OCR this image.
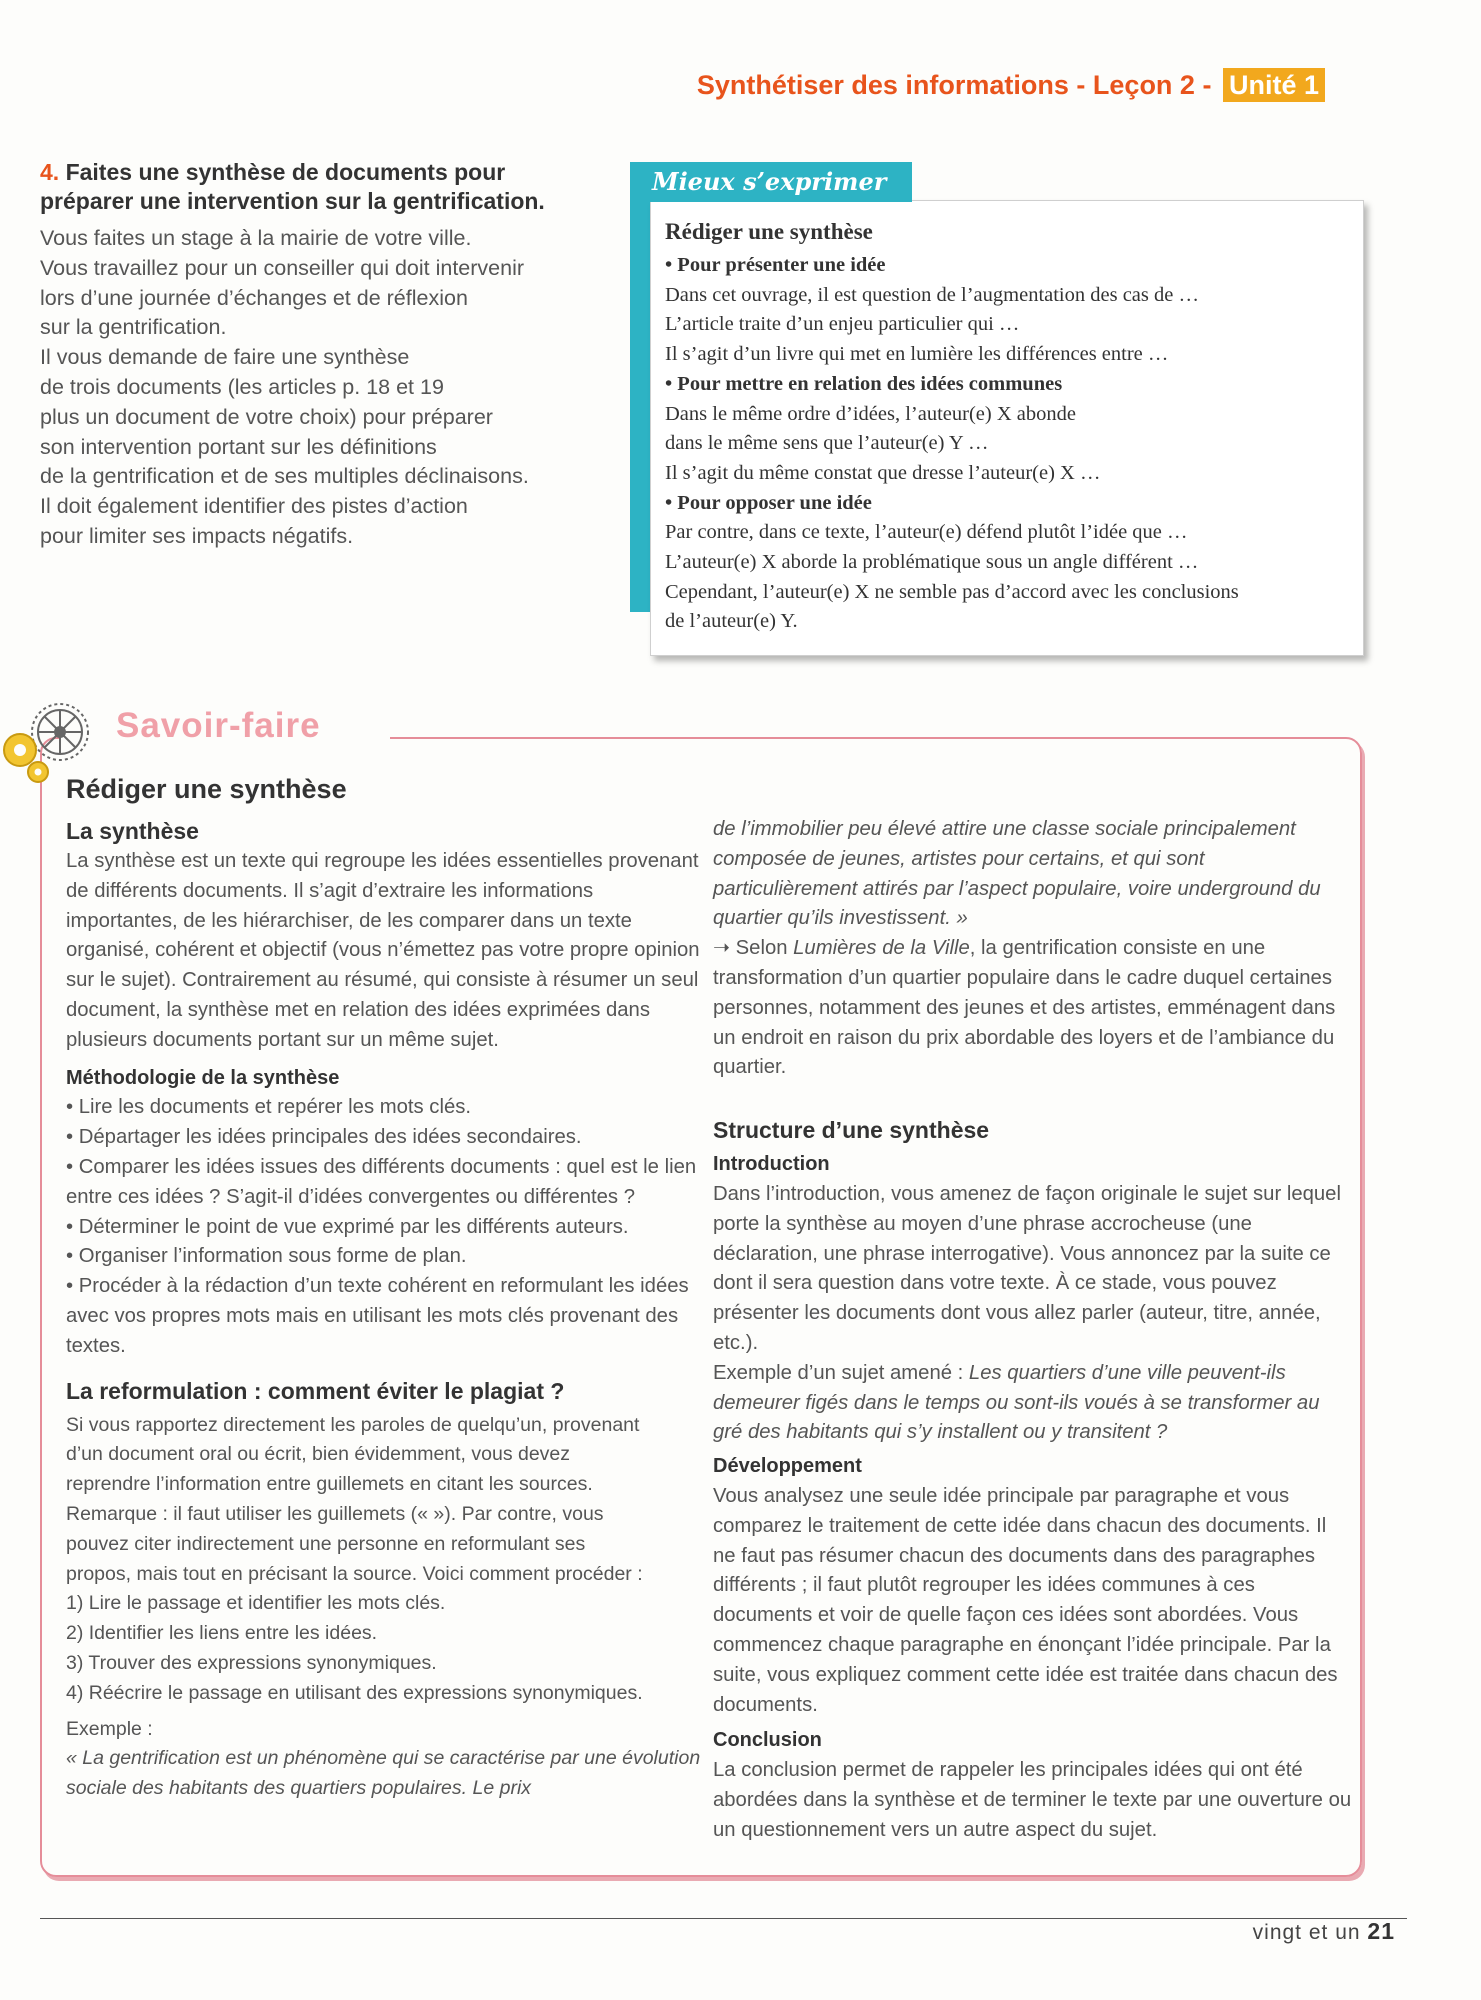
Synthétiser des informations - Leçon 2 - Unité 1
4. Faites une synthèse de documents pour
préparer une intervention sur la gentrification.

Vous faites un stage à la mairie de votre ville.
Vous travaillez pour un conseiller qui doit intervenir
lors d’une journée d’échanges et de réflexion
sur la gentrification.
Il vous demande de faire une synthèse
de trois documents (les articles p. 18 et 19
plus un document de votre choix) pour préparer
son intervention portant sur les définitions
de la gentrification et de ses multiples déclinaisons.
Il doit également identifier des pistes d’action
pour limiter ses impacts négatifs.

Rédiger une synthèse
• Pour présenter une idée
Dans cet ouvrage, il est question de l’augmentation des cas de …
L’article traite d’un enjeu particulier qui …
Il s’agit d’un livre qui met en lumière les différences entre …
• Pour mettre en relation des idées communes
Dans le même ordre d’idées, l’auteur(e) X abonde
dans le même sens que l’auteur(e) Y …
Il s’agit du même constat que dresse l’auteur(e) X …
• Pour opposer une idée
Par contre, dans ce texte, l’auteur(e) défend plutôt l’idée que …
L’auteur(e) X aborde la problématique sous un angle différent …
Cependant, l’auteur(e) X ne semble pas d’accord avec les conclusions
de l’auteur(e) Y.
Mieux s’exprimer
Savoir-faire
Rédiger une synthèse
La synthèse

La synthèse est un texte qui regroupe les idées essentielles provenant de différents documents. Il s’agit d’extraire les informations importantes, de les hiérarchiser, de les comparer dans un texte organisé, cohérent et objectif (vous n’émettez pas votre propre opinion sur le sujet). Contrairement au résumé, qui consiste à résumer un seul document, la synthèse met en relation des idées exprimées dans plusieurs documents portant sur un même sujet.

Méthodologie de la synthèse

• Lire les documents et repérer les mots clés.

• Départager les idées principales des idées secondaires.

• Comparer les idées issues des différents documents : quel est le lien entre ces idées ? S’agit-il d’idées convergentes ou différentes ?

• Déterminer le point de vue exprimé par les différents auteurs.

• Organiser l’information sous forme de plan.

• Procéder à la rédaction d’un texte cohérent en reformulant les idées avec vos propres mots mais en utilisant les mots clés provenant des textes.

La reformulation : comment éviter le plagiat ?

Si vous rapportez directement les paroles de quelqu’un, provenant

d’un document oral ou écrit, bien évidemment, vous devez

reprendre l’information entre guillemets en citant les sources.

Remarque : il faut utiliser les guillemets (« »). Par contre, vous

pouvez citer indirectement une personne en reformulant ses

propos, mais tout en précisant la source. Voici comment procéder :

1) Lire le passage et identifier les mots clés.

2) Identifier les liens entre les idées.

3) Trouver des expressions synonymiques.

4) Réécrire le passage en utilisant des expressions synonymiques.

Exemple :

« La gentrification est un phénomène qui se caractérise par une évolution sociale des habitants des quartiers populaires. Le prix

de l’immobilier peu élevé attire une classe sociale principalement composée de jeunes, artistes pour certains, et qui sont particulièrement attirés par l’aspect populaire, voire underground du quartier qu’ils investissent. »

➝ Selon Lumières de la Ville, la gentrification consiste en une transformation d’un quartier populaire dans le cadre duquel certaines personnes, notamment des jeunes et des artistes, emménagent dans un endroit en raison du prix abordable des loyers et de l’ambiance du quartier.

Structure d’une synthèse
Introduction

Dans l’introduction, vous amenez de façon originale le sujet sur lequel porte la synthèse au moyen d’une phrase accrocheuse (une déclaration, une phrase interrogative). Vous annoncez par la suite ce dont il sera question dans votre texte. À ce stade, vous pouvez présenter les documents dont vous allez parler (auteur, titre, année, etc.).

Exemple d’un sujet amené : Les quartiers d’une ville peuvent-ils demeurer figés dans le temps ou sont-ils voués à se transformer au gré des habitants qui s’y installent ou y transitent ?

Développement

Vous analysez une seule idée principale par paragraphe et vous comparez le traitement de cette idée dans chacun des documents. Il ne faut pas résumer chacun des documents dans des paragraphes différents ; il faut plutôt regrouper les idées communes à ces documents et voir de quelle façon ces idées sont abordées. Vous commencez chaque paragraphe en énonçant l’idée principale. Par la suite, vous expliquez comment cette idée est traitée dans chacun des documents.

Conclusion

La conclusion permet de rappeler les principales idées qui ont été abordées dans la synthèse et de terminer le texte par une ouverture ou un questionnement vers un autre aspect du sujet.

vingt et un 21
